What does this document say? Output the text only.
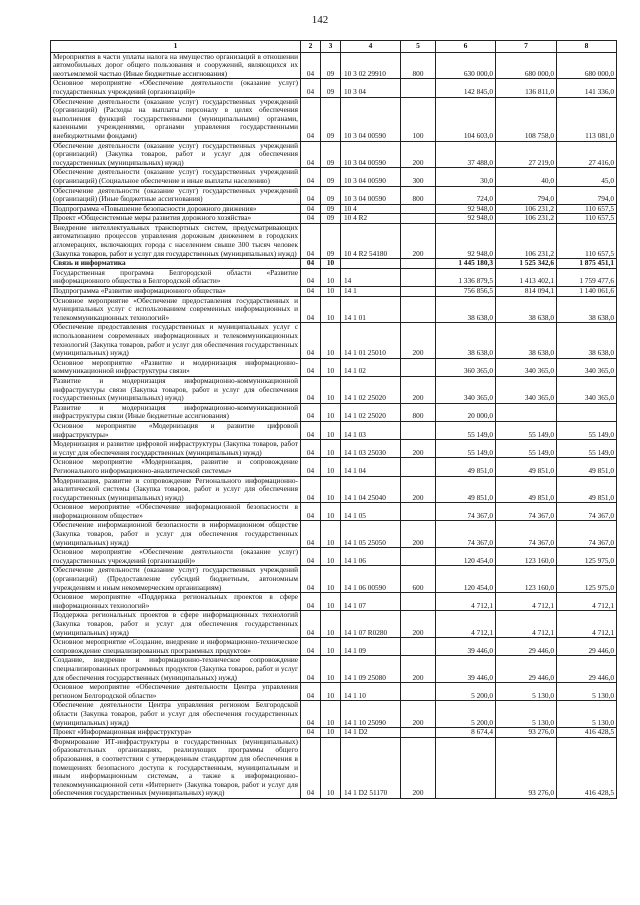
142
1	2	3	4	5	6	7	8
Мероприятия в части уплаты налога на имущество организаций в отношении автомобильных дорог общего пользования и сооружений, являющихся их неотъемлемой частью (Иные бюджетные ассигнования)	04	09	10 3 02 29910	800	630 000,0	680 000,0	680 000,0
Основное мероприятие «Обеспечение деятельности (оказание услуг) государственных учреждений (организаций)»	04	09	10 3 04		142 845,0	136 811,0	141 336,0
Обеспечение деятельности (оказание услуг) государственных учреждений (организаций) (Расходы на выплаты персоналу в целях обеспечения выполнения функций государственными (муниципальными) органами, казенными учреждениями, органами управления государственными внебюджетными фондами)	04	09	10 3 04 00590	100	104 603,0	108 758,0	113 081,0
Обеспечение деятельности (оказание услуг) государственных учреждений (организаций) (Закупка товаров, работ и услуг для обеспечения государственных (муниципальных) нужд)	04	09	10 3 04 00590	200	37 488,0	27 219,0	27 416,0
Обеспечение деятельности (оказание услуг) государственных учреждений (организаций) (Социальное обеспечение и иные выплаты населению)	04	09	10 3 04 00590	300	30,0	40,0	45,0
Обеспечение деятельности (оказание услуг) государственных учреждений (организаций) (Иные бюджетные ассигнования)	04	09	10 3 04 00590	800	724,0	794,0	794,0
Подпрограмма «Повышение безопасности дорожного движения»	04	09	10 4		92 948,0	106 231,2	110 657,5
Проект «Общесистемные меры развития дорожного хозяйства»	04	09	10 4 R2		92 948,0	106 231,2	110 657,5
Внедрение интеллектуальных транспортных систем, предусматривающих автоматизацию процессов управления дорожным движением в городских агломерациях, включающих города с населением свыше 300 тысяч человек (Закупка товаров, работ и услуг для государственных (муниципальных) нужд)	04	09	10 4 R2 54180	200	92 948,0	106 231,2	110 657,5
Связь и информатика	04	10			1 445 180,3	1 525 342,6	1 875 451,1
Государственная программа Белгородской области «Развитие информационного общества в Белгородской области»	04	10	14		1 336 879,5	1 413 402,1	1 759 477,6
Подпрограмма «Развитие информационного общества»	04	10	14 1		756 856,5	814 094,1	1 140 061,6
Основное мероприятие «Обеспечение предоставления государственных и муниципальных услуг с использованием современных информационных и телекоммуникационных технологий»	04	10	14 1 01		38 638,0	38 638,0	38 638,0
Обеспечение предоставления государственных и муниципальных услуг с использованием современных информационных и телекоммуникационных технологий (Закупка товаров, работ и услуг для обеспечения государственных (муниципальных) нужд)	04	10	14 1 01 25010	200	38 638,0	38 638,0	38 638,0
Основное мероприятие «Развитие и модернизация информационно-коммуникационной инфраструктуры связи»	04	10	14 1 02		360 365,0	340 365,0	340 365,0
Развитие и модернизация информационно-коммуникационной инфраструктуры связи (Закупка товаров, работ и услуг для обеспечения государственных (муниципальных) нужд)	04	10	14 1 02 25020	200	340 365,0	340 365,0	340 365,0
Развитие и модернизация информационно-коммуникационной инфраструктуры связи (Иные бюджетные ассигнования)	04	10	14 1 02 25020	800	20 000,0		
Основное мероприятие «Модернизация и развитие цифровой инфраструктуры»	04	10	14 1 03		55 149,0	55 149,0	55 149,0
Модернизация и развитие цифровой инфраструктуры (Закупка товаров, работ и услуг для обеспечения государственных (муниципальных) нужд)	04	10	14 1 03 25030	200	55 149,0	55 149,0	55 149,0
Основное мероприятие «Модернизация, развитие и сопровождение Регионального информационно-аналитической системы»	04	10	14 1 04		49 851,0	49 851,0	49 851,0
Модернизация, развитие и сопровождение Регионального информационно-аналитической системы (Закупка товаров, работ и услуг для обеспечения государственных (муниципальных) нужд)	04	10	14 1 04 25040	200	49 851,0	49 851,0	49 851,0
Основное мероприятие «Обеспечение информационной безопасности в информационном обществе»	04	10	14 1 05		74 367,0	74 367,0	74 367,0
Обеспечение информационной безопасности в информационном обществе (Закупка товаров, работ и услуг для обеспечения государственных (муниципальных) нужд)	04	10	14 1 05 25050	200	74 367,0	74 367,0	74 367,0
Основное мероприятие «Обеспечение деятельности (оказание услуг) государственных учреждений (организаций)»	04	10	14 1 06		120 454,0	123 160,0	125 975,0
Обеспечение деятельности (оказание услуг) государственных учреждений (организаций) (Предоставление субсидий бюджетным, автономным учреждениям и иным некоммерческим организациям)	04	10	14 1 06 00590	600	120 454,0	123 160,0	125 975,0
Основное мероприятие «Поддержка региональных проектов в сфере информационных технологий»	04	10	14 1 07		4 712,1	4 712,1	4 712,1
Поддержка региональных проектов в сфере информационных технологий (Закупка товаров, работ и услуг для обеспечения государственных (муниципальных) нужд)	04	10	14 1 07 R0280	200	4 712,1	4 712,1	4 712,1
Основное мероприятие «Создание, внедрение и информационно-техническое сопровождение специализированных программных продуктов»	04	10	14 1 09		39 446,0	29 446,0	29 446,0
Создание, внедрение и информационно-техническое сопровождение специализированных программных продуктов (Закупка товаров, работ и услуг для обеспечения государственных (муниципальных) нужд)	04	10	14 1 09 25080	200	39 446,0	29 446,0	29 446,0
Основное мероприятие «Обеспечение деятельности Центра управления регионом Белгородской области»	04	10	14 1 10		5 200,0	5 130,0	5 130,0
Обеспечение деятельности Центра управления регионом Белгородской области (Закупка товаров, работ и услуг для обеспечения государственных (муниципальных) нужд)	04	10	14 1 10 25090	200	5 200,0	5 130,0	5 130,0
Проект «Информационная инфраструктура»	04	10	14 1 D2		8 674,4	93 276,0	416 428,5
Формирование ИТ-инфраструктуры в государственных (муниципальных) образовательных организациях, реализующих программы общего образования, в соответствии с утвержденным стандартом для обеспечения в помещениях безопасного доступа к государственным, муниципальным и иным информационным системам, а также к информационно-телекоммуникационной сети «Интернет» (Закупка товаров, работ и услуг для обеспечения государственных (муниципальных) нужд)	04	10	14 1 D2 51170	200		93 276,0	416 428,5
